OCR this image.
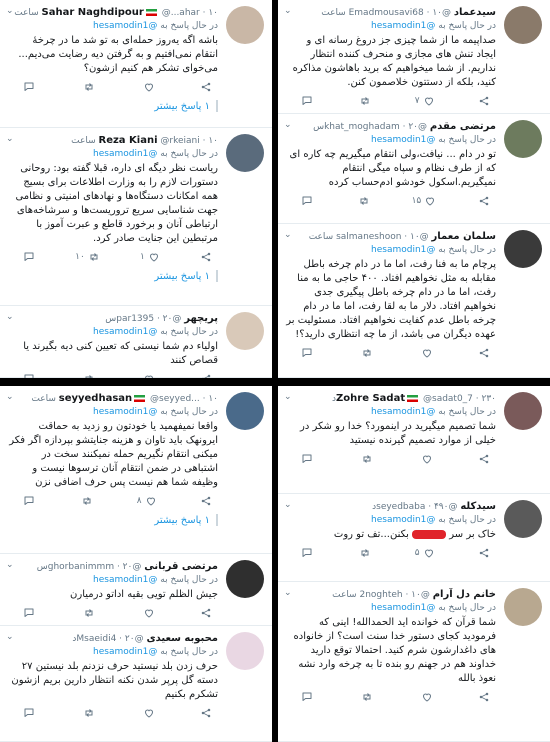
⌄	Sahar Naghdipour @...ahar · ۱۰ ساعت
در حال پاسخ به @hesamodin1
باشه اگه یه‌روز حمله‌ای به تو شد ما در چرخهٔ انتقام نمی‌افتیم و به گرفتن دیه رضایت می‌دیم... می‌خوای تشکر هم کنیم ازشون؟
۱ پاسخ بیشتر
⌄	Reza Kiani @rkeiani · ۱۰ ساعت
در حال پاسخ به @hesamodin1
ریاست نظر دیگه ای داره، قبلا گفته بود: روحانی دستورات لازم را به وزارت اطلاعات برای بسیج همه امکانات دستگاه‌ها و نهادهای امنیتی و نظامی جهت شناسایی سریع تروریست‌ها و سرشاخه‌های ارتباطی آنان و برخورد قاطع و عبرت آموز با مرتبطین این جنایت صادر کرد.
۱۰	۱
۱ پاسخ بیشتر
⌄	پریچهر @par1395 · ۲۰س
در حال پاسخ به @hesamodin1
اولیاء دم شما نیستی که تعیین کنی دیه بگیرند یا قصاص کنند
⌄	سیدعماد @Emadmousavi68 · ۱۰ ساعت
در حال پاسخ به @hesamodin1
صداپیمه ما از شما چیزی جز دروغ رسانه ای و ایجاد تنش های مجازی و منحرف کننده انتظار نداریم. از شما میخواهیم که برید باهاشون مذاکره کنید، بلکه از دستتون خلاصمون کنن.
۷
⌄	مرتضی مقدم @khat_moghadam · ۲۰س
در حال پاسخ به @hesamodin1
تو در دام ... نیافت،ولی انتقام میگیریم چه کاره ای که از طرف نظام و سپاه میگی انتقام نمیگیریم.اسکول خودشو ادم‌حساب کرده
۱۵
⌄	سلمان معمار @salmaneshoon · ۱۰ ساعت
در حال پاسخ به @hesamodin1
پرچام ما به فنا رفت، اما ما در دام چرخه باطل مقابله به مثل نخواهیم افتاد. ۴۰۰ حاجی ما به منا رفت، اما ما در دام چرخه باطل پیگیری جدی نخواهیم افتاد. دلار ما به لقا رفت، اما ما در دام چرخه باطل عدم کفایت نخواهیم افتاد. مسئولیت بر عهده دیگران می باشد، از ما چه انتظاری دارید؟!
⌄	seyyedhasan @seyyed... · ۱۰ ساعت
در حال پاسخ به @hesamodin1
واقعا نمیفهمید یا خودتون رو زدید به حماقت ایرونهک باید تاوان و هزینه جنایتشو بپردازه اگر فکر میکنی انتقام نگیریم حمله نمیکنند سخت در اشتباهی در ضمن انتقام آنان ترسوها نیست و وظیفه شما هم نیست پس حرف اضافی نزن
۸
۱ پاسخ بیشتر
⌄	مرتضی قربانی @ghorbanimmm · ۲۰س
در حال پاسخ به @hesamodin1
جیش الظلم تویی بقیه اداتو درمیارن
⌄	محبوبه سعیدی @Msaeidi4 · ۲۰د
در حال پاسخ به @hesamodin1
حرف زدن بلد نیستید حرف نزدنم بلد نیستین ۲۷ دسته گل پرپر شدن نکنه انتظار دارین بریم ازشون تشکرم بکنیم
⌄	Zohre Sadat @sadat0_7 · ۲۳۰د
در حال پاسخ به @hesamodin1
شما تصمیم میگیرید در اینمورد؟ خدا رو شکر در خیلی از موارد تصمیم گیرنده نیستید
⌄	سیدکله @seyedbaba · ۴۹۰د
در حال پاسخ به @hesamodin1
خاک بر سر  بکنن...تف تو روت
۵
⌄	خانم دل آرام @2noghteh · ۱۰ ساعت
در حال پاسخ به @hesamodin1
شما قرآن که خوانده اید الحمدالله! اینی که فرمودید کجای دستور خدا سنت است؟ از خانواده های داغدارشون شرم کنید. احتمالا توقع دارید خداوند هم در جهنم رو بنده تا به چرخه وارد نشه نعوذ بالله
